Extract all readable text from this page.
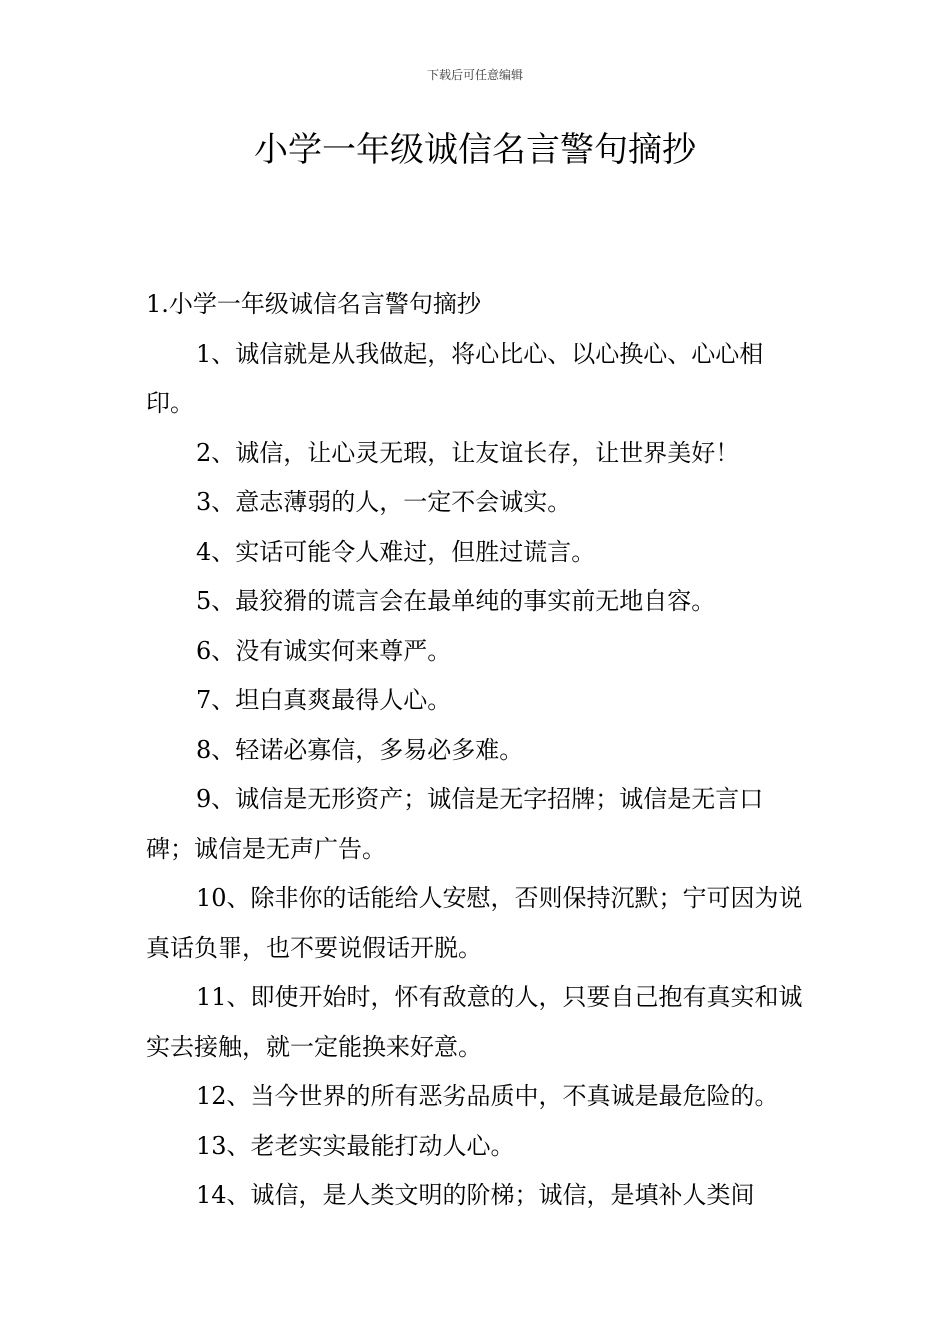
下载后可任意编辑
小学一年级诚信名言警句摘抄

1.小学一年级诚信名言警句摘抄

1、诚信就是从我做起，将心比心、以心换心、心心相印。

2、诚信，让心灵无瑕，让友谊长存，让世界美好！

3、意志薄弱的人，一定不会诚实。

4、实话可能令人难过，但胜过谎言。

5、最狡猾的谎言会在最单纯的事实前无地自容。

6、没有诚实何来尊严。

7、坦白真爽最得人心。

8、轻诺必寡信，多易必多难。

9、诚信是无形资产；诚信是无字招牌；诚信是无言口碑；诚信是无声广告。

10、除非你的话能给人安慰，否则保持沉默；宁可因为说真话负罪，也不要说假话开脱。

11、即使开始时，怀有敌意的人，只要自己抱有真实和诚实去接触，就一定能换来好意。

12、当今世界的所有恶劣品质中，不真诚是最危险的。

13、老老实实最能打动人心。

14、诚信，是人类文明的阶梯；诚信，是填补人类间
